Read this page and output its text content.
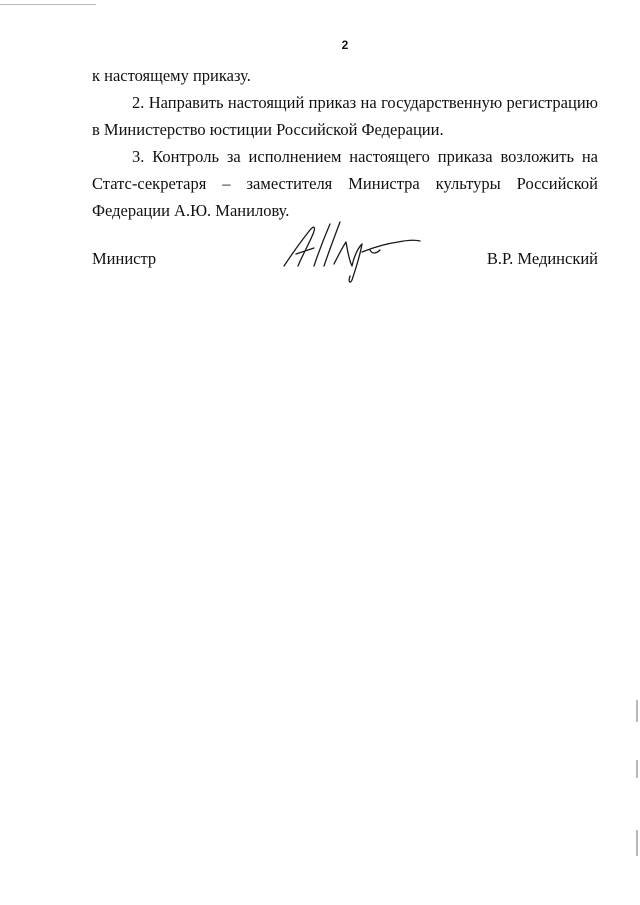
2

к настоящему приказу.

2. Направить настоящий приказ на государственную регистрацию в Министерство юстиции Российской Федерации.

3. Контроль за исполнением настоящего приказа возложить на Статс-секретаря – заместителя Министра культуры Российской Федерации А.Ю. Манилову.

Министр	В.Р. Мединский
